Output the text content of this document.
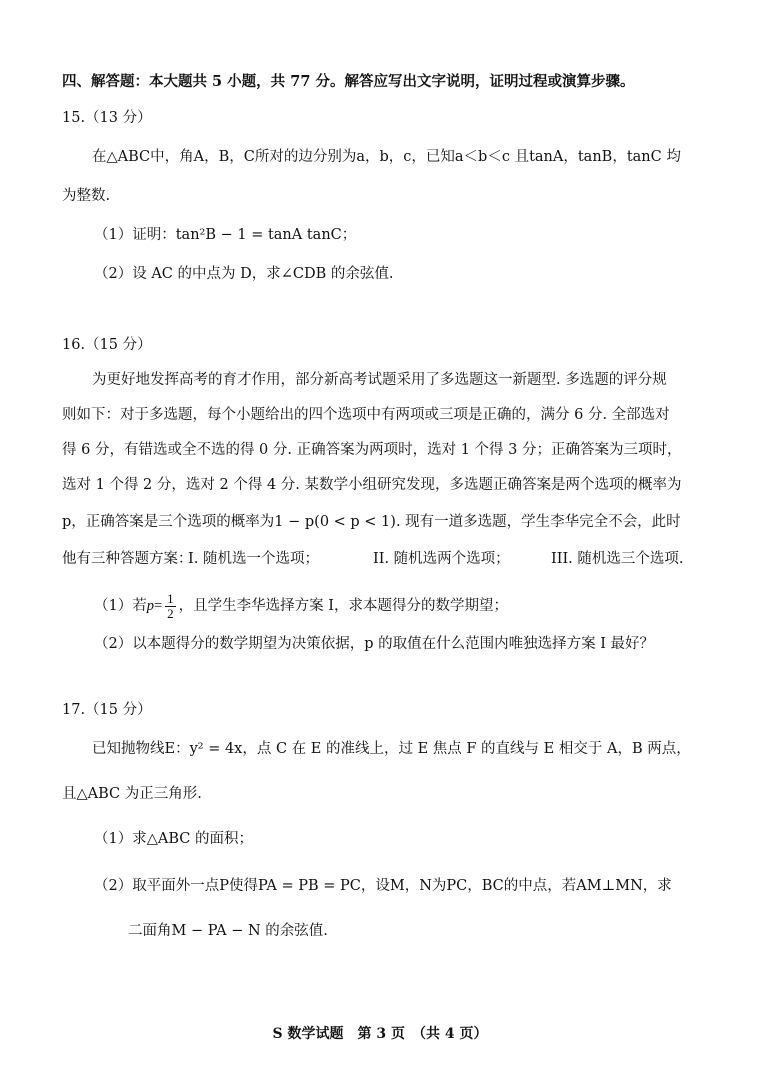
四、解答题：本大题共 5 小题，共 77 分。解答应写出文字说明，证明过程或演算步骤。
15.（13 分）
在△ABC中，角A，B，C所对的边分别为a，b，c，已知a＜b＜c 且tanA，tanB，tanC 均
为整数.
（1）证明：tan²B − 1 = tanA tanC；
（2）设 AC 的中点为 D，求∠CDB 的余弦值.
16.（15 分）
为更好地发挥高考的育才作用，部分新高考试题采用了多选题这一新题型. 多选题的评分规
则如下：对于多选题，每个小题给出的四个选项中有两项或三项是正确的，满分 6 分. 全部选对
得 6 分，有错选或全不选的得 0 分. 正确答案为两项时，选对 1 个得 3 分；正确答案为三项时，
选对 1 个得 2 分，选对 2 个得 4 分. 某数学小组研究发现，多选题正确答案是两个选项的概率为
p，正确答案是三个选项的概率为1 − p(0 < p < 1). 现有一道多选题，学生李华完全不会，此时
他有三种答题方案：
I. 随机选一个选项；	II. 随机选两个选项；	III. 随机选三个选项.
（1）若$p= \frac{1}{2}$ ，且学生李华选择方案 I，求本题得分的数学期望；
（2）以本题得分的数学期望为决策依据，p 的取值在什么范围内唯独选择方案 I 最好？
17.（15 分）
已知抛物线E：y² = 4x，点 C 在 E 的准线上，过 E 焦点 F 的直线与 E 相交于 A，B 两点，
且△ABC 为正三角形.
（1）求△ABC 的面积；
（2）取平面外一点P使得PA = PB = PC，设M，N为PC，BC的中点，若AM⊥MN，求
二面角M − PA − N 的余弦值.
S 数学试题　第 3 页　（共 4 页）
